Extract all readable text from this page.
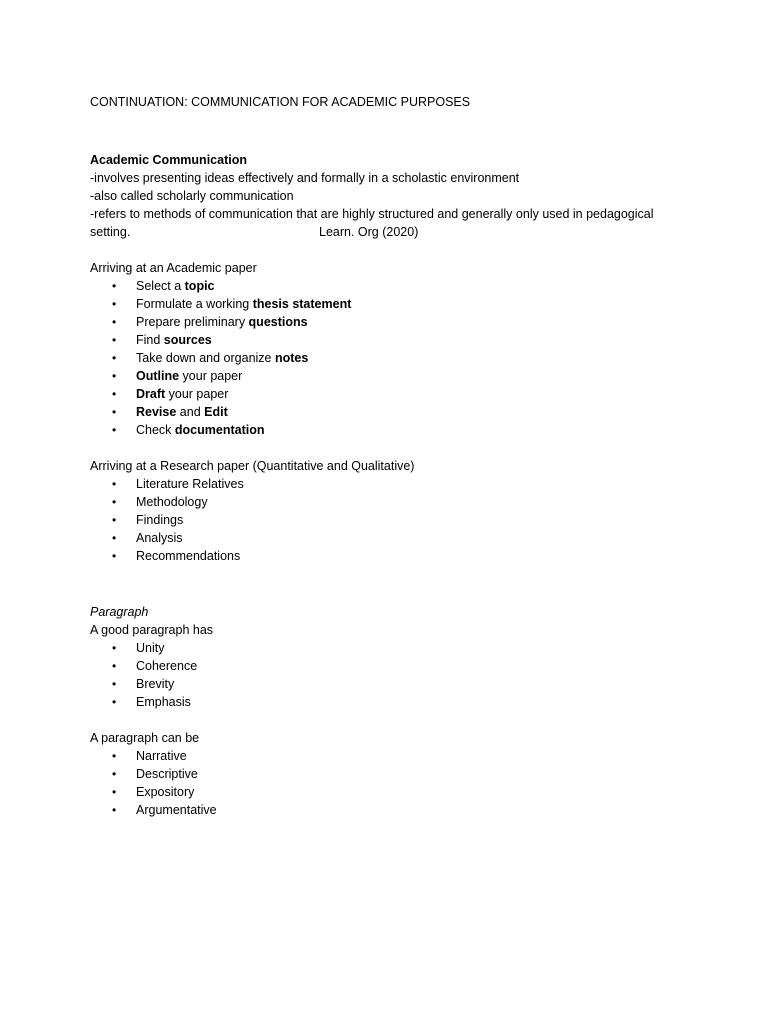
CONTINUATION: COMMUNICATION FOR ACADEMIC PURPOSES

Academic Communication

-involves presenting ideas effectively and formally in a scholastic environment

-also called scholarly communication

-refers to methods of communication that are highly structured and generally only used in pedagogical

setting.	Learn. Org (2020)

Arriving at an Academic paper

• Select a topic
• Formulate a working thesis statement
• Prepare preliminary questions
• Find sources
• Take down and organize notes
• Outline your paper
• Draft your paper
• Revise and Edit
• Check documentation

Arriving at a Research paper (Quantitative and Qualitative)

• Literature Relatives
• Methodology
• Findings
• Analysis
• Recommendations

Paragraph

A good paragraph has

• Unity
• Coherence
• Brevity
• Emphasis

A paragraph can be

• Narrative
• Descriptive
• Expository
• Argumentative
